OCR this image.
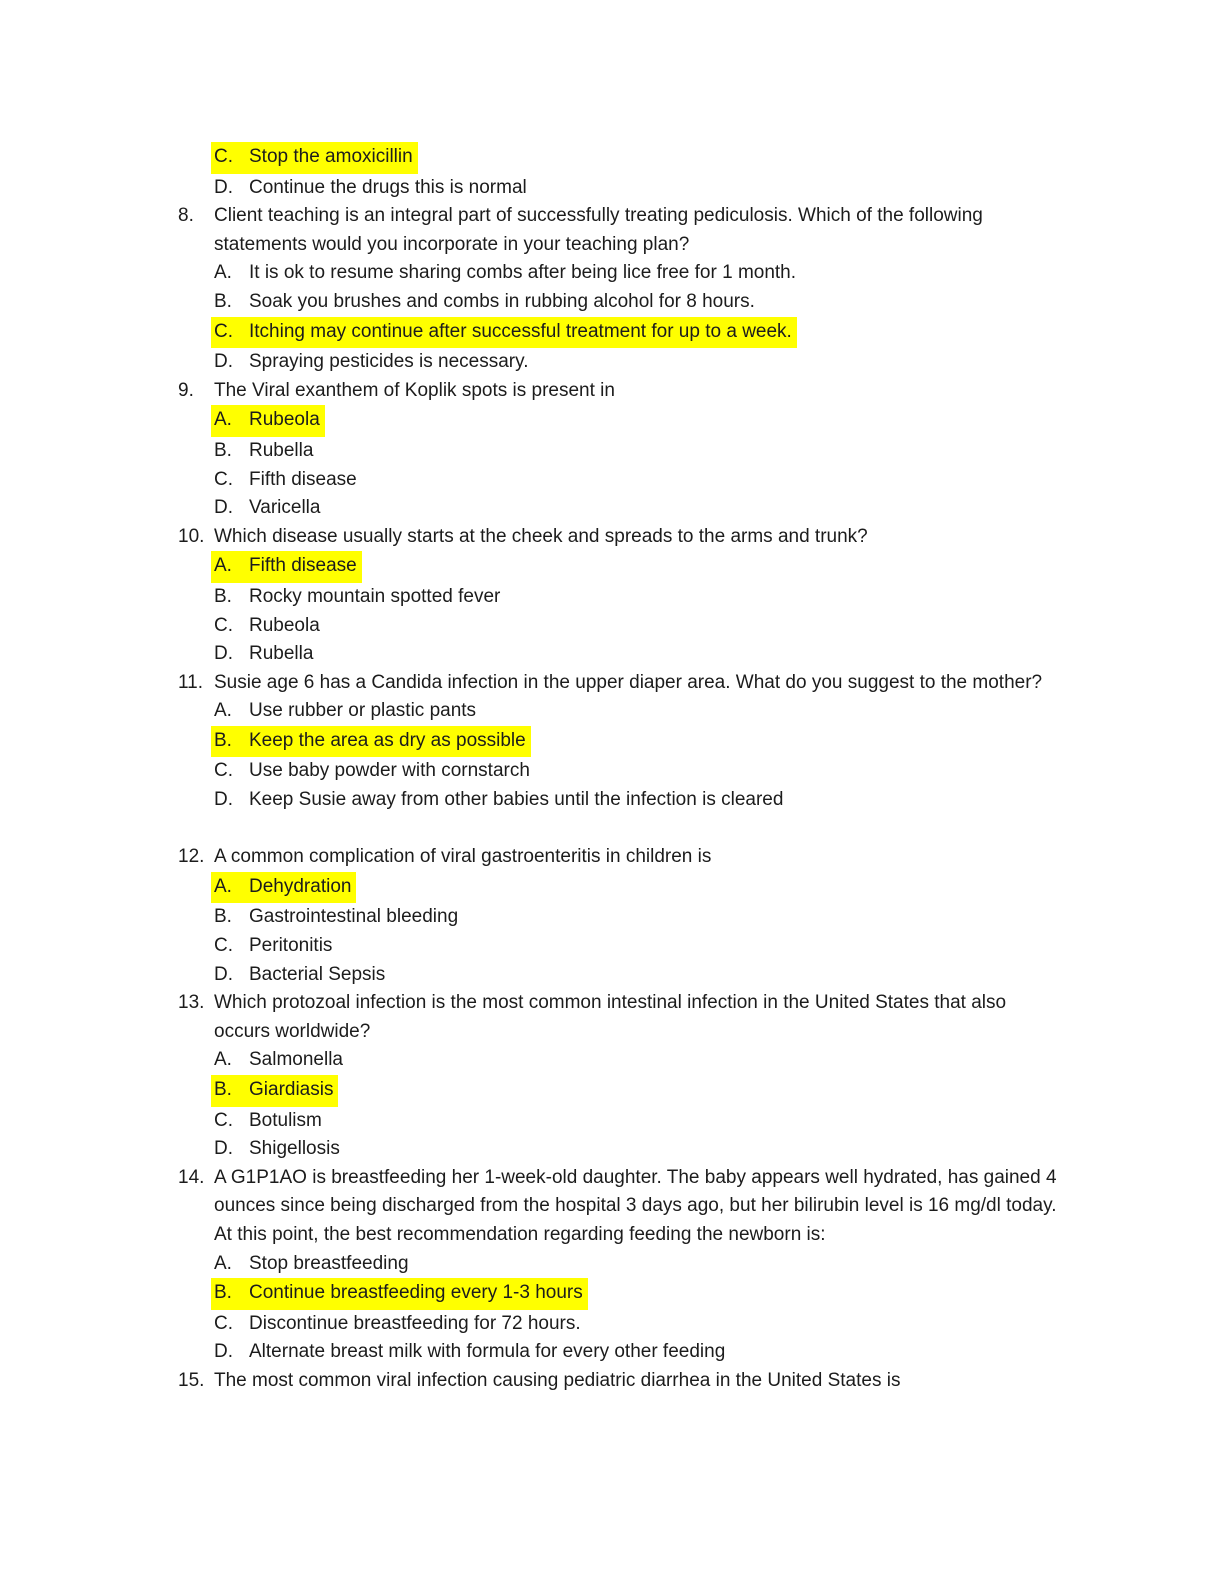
C. Stop the amoxicillin
D. Continue the drugs this is normal
8.	Client teaching is an integral part of successfully treating pediculosis. Which of the following statements would you incorporate in your teaching plan?
A. It is ok to resume sharing combs after being lice free for 1 month.
B. Soak you brushes and combs in rubbing alcohol for 8 hours.
C. Itching may continue after successful treatment for up to a week.
D. Spraying pesticides is necessary.
9.	The Viral exanthem of Koplik spots is present in
A. Rubeola
B. Rubella
C. Fifth disease
D. Varicella
10. Which disease usually starts at the cheek and spreads to the arms and trunk?
A. Fifth disease
B. Rocky mountain spotted fever
C. Rubeola
D. Rubella
11. Susie age 6 has a Candida infection in the upper diaper area. What do you suggest to the mother?
A. Use rubber or plastic pants
B. Keep the area as dry as possible
C. Use baby powder with cornstarch
D. Keep Susie away from other babies until the infection is cleared
12. A common complication of viral gastroenteritis in children is
A. Dehydration
B. Gastrointestinal bleeding
C. Peritonitis
D. Bacterial Sepsis
13. Which protozoal infection is the most common intestinal infection in the United States that also occurs worldwide?
A. Salmonella
B. Giardiasis
C. Botulism
D. Shigellosis
14. A G1P1AO is breastfeeding her 1-week-old daughter. The baby appears well hydrated, has gained 4 ounces since being discharged from the hospital 3 days ago, but her bilirubin level is 16 mg/dl today. At this point, the best recommendation regarding feeding the newborn is:
A. Stop breastfeeding
B. Continue breastfeeding every 1-3 hours
C. Discontinue breastfeeding for 72 hours.
D. Alternate breast milk with formula for every other feeding
15. The most common viral infection causing pediatric diarrhea in the United States is
